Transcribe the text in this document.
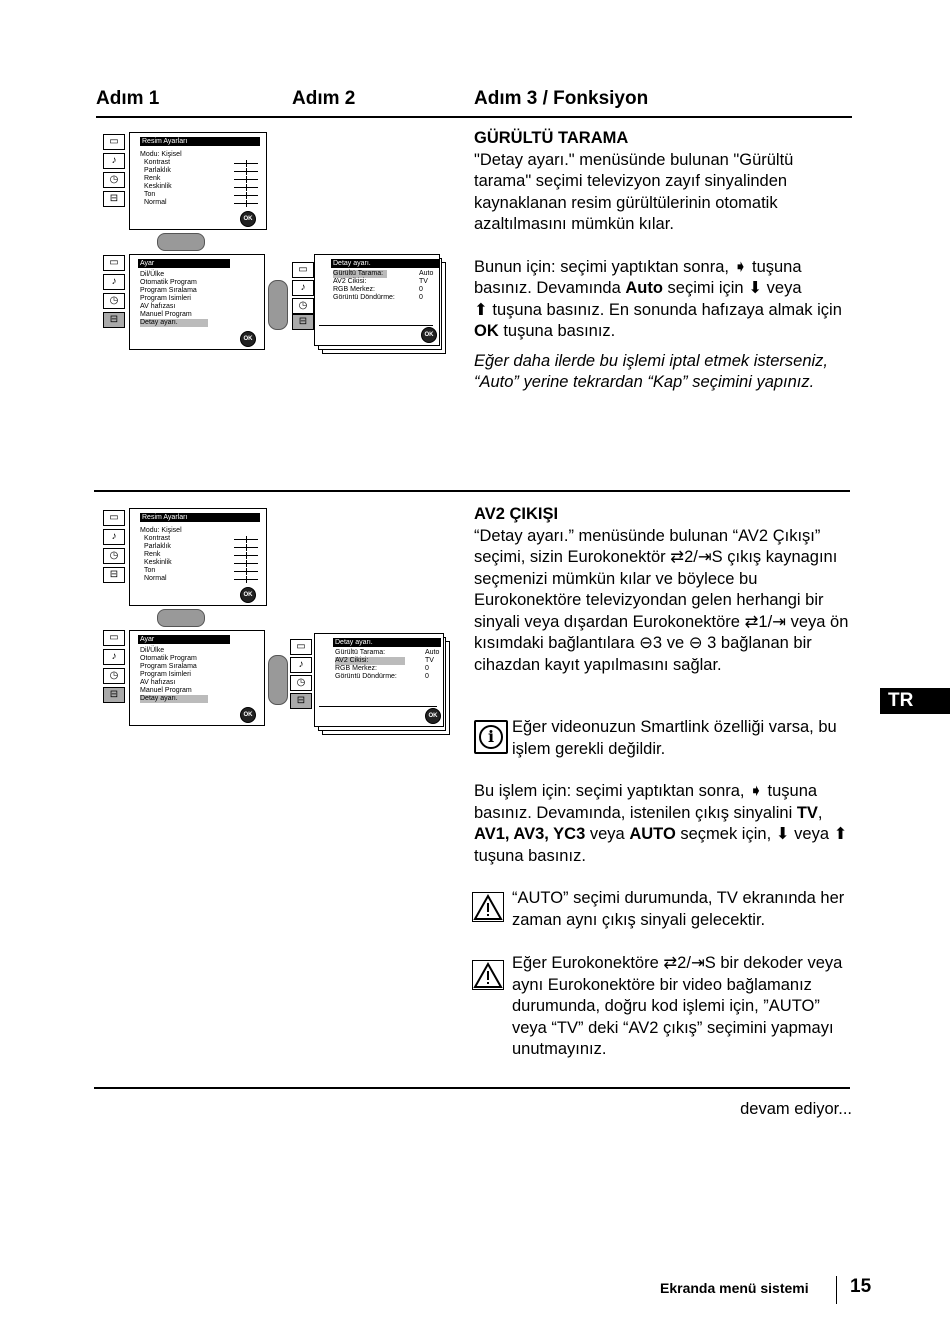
Adım 1	Adım 2	Adım 3 / Fonksiyon
▭
♪
◷
⊟
Resim Ayarları
Modu: Kişisel
Kontrast
Parlaklık
Renk
Keskinlik
Ton
Normal
OK
▭
♪
◷
⊟
Ayar
Dil/Ülke
Otomatik Program
Program Sıralama
Program Isimleri
AV hafızası
Manuel Program
Detay ayarı.
OK
▭
♪
◷
⊟
Detay ayarı.
Gürültü Tarama:
AV2 Cikisi:
RGB Merkez:
Görüntü Döndürme:
Auto
TV
0
0
OK

GÜRÜLTÜ TARAMA

"Detay ayarı." menüsünde bulunan "Gürültü tarama" seçimi televizyon zayıf sinyalinden kaynaklanan resim gürültülerinin otomatik azaltılmasını mümkün kılar.

Bunun için: seçimi yaptıktan sonra, ➧ tuşuna basınız. Devamında Auto seçimi için ⬇ veya
⬆ tuşuna basınız. En sonunda hafızaya almak için OK tuşuna basınız.

Eğer daha ilerde bu işlemi iptal etmek isterseniz, “Auto” yerine tekrardan “Kap” seçimini yapınız.

▭
♪
◷
⊟
Resim Ayarları
Modu: Kişisel
Kontrast
Parlaklık
Renk
Keskinlik
Ton
Normal
OK
▭
♪
◷
⊟
Ayar
Dil/Ülke
Otomatik Program
Program Sıralama
Program Isimleri
AV hafızası
Manuel Program
Detay ayarı.
OK
▭
♪
◷
⊟
Detay ayarı.
Gürültü Tarama:
AV2 Cikisi:
RGB Merkez:
Görüntü Döndürme:
Auto
TV
0
0
OK

AV2 ÇIKIŞI

“Detay ayarı.” menüsünde bulunan “AV2 Çıkışı” seçimi, sizin Eurokonektör ⇄2/⇥S çıkış kaynagını seçmenizi mümkün kılar ve böylece bu Eurokonektöre televizyondan gelen herhangi bir sinyali veya dışardan Eurokonektöre ⇄1/⇥ veya ön kısımdaki bağlantılara ⊖3 ve ⊖ 3 bağlanan bir cihazdan kayıt yapılmasını sağlar.

i	Eğer videonuzun Smartlink özelliği varsa, bu işlem gerekli değildir.

Bu işlem için: seçimi yaptıktan sonra, ➧ tuşuna basınız. Devamında, istenilen çıkış sinyalini TV, AV1, AV3, YC3 veya AUTO seçmek için, ⬇ veya ⬆ tuşuna basınız.

“AUTO” seçimi durumunda, TV ekranında her zaman aynı çıkış sinyali gelecektir.
Eğer Eurokonektöre ⇄2/⇥S bir dekoder veya aynı Eurokonektöre bir video bağlamanız durumunda, doğru kod işlemi için, ”AUTO” veya “TV” deki “AV2 çıkış” seçimini yapmayı unutmayınız.
TR
devam ediyor...
Ekranda menü sistemi 15
